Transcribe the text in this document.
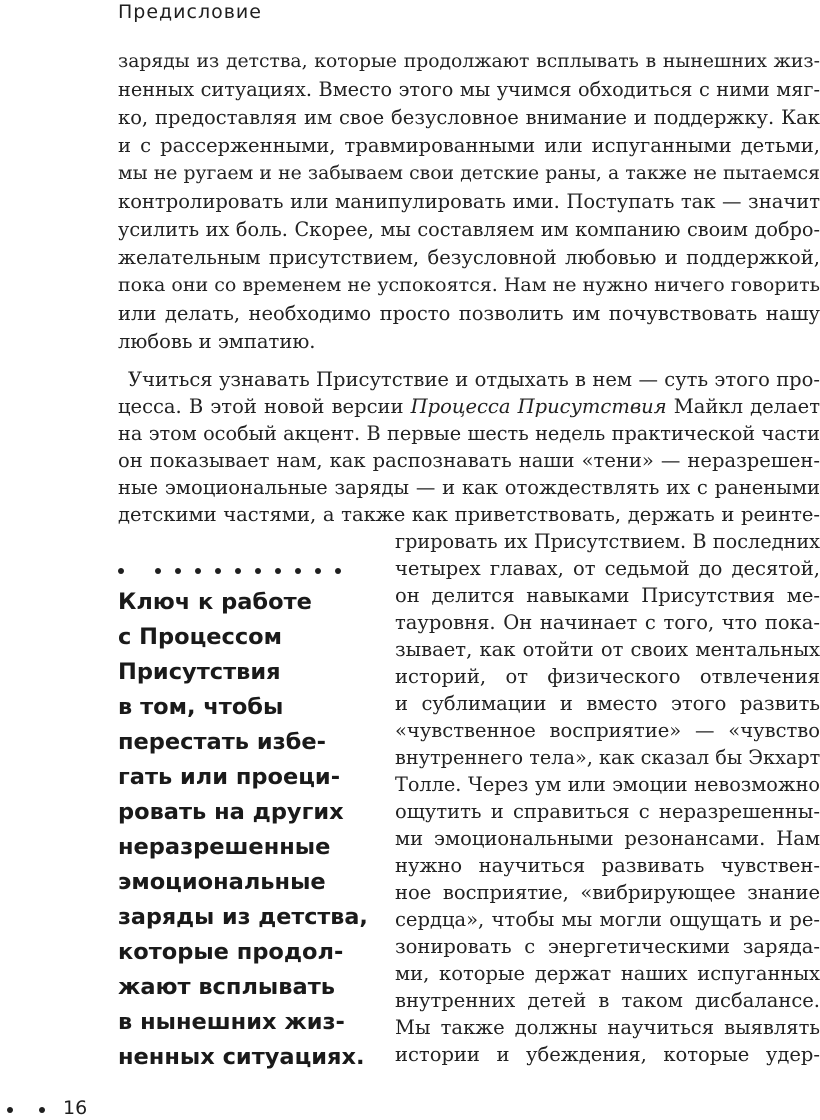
Предисловие
заряды из детства, которые продолжают всплывать в нынешних жиз-
ненных ситуациях. Вместо этого мы учимся обходиться с ними мяг-
ко, предоставляя им свое безусловное внимание и поддержку. Как
и с рассерженными, травмированными или испуганными детьми,
мы не ругаем и не забываем свои детские раны, а также не пытаемся
контролировать или манипулировать ими. Поступать так — значит
усилить их боль. Скорее, мы составляем им компанию своим добро-
желательным присутствием, безусловной любовью и поддержкой,
пока они со временем не успокоятся. Нам не нужно ничего говорить
или делать, необходимо просто позволить им почувствовать нашу
любовь и эмпатию.
Учиться узнавать Присутствие и отдыхать в нем — суть этого про-
цесса. В этой новой версии Процесса Присутствия Майкл делает
на этом особый акцент. В первые шесть недель практической части
он показывает нам, как распознавать наши «тени» — неразрешен-
ные эмоциональные заряды — и как отождествлять их с ранеными
детскими частями, а также как приветствовать, держать и реинте-
грировать их Присутствием. В последних
четырех главах, от седьмой до десятой,
он делится навыками Присутствия ме-
тауровня. Он начинает с того, что пока-
зывает, как отойти от своих ментальных
историй, от физического отвлечения
и сублимации и вместо этого развить
«чувственное восприятие» — «чувство
внутреннего тела», как сказал бы Экхарт
Толле. Через ум или эмоции невозможно
ощутить и справиться с неразрешенны-
ми эмоциональными резонансами. Нам
нужно научиться развивать чувствен-
ное восприятие, «вибрирующее знание
сердца», чтобы мы могли ощущать и ре-
зонировать с энергетическими заряда-
ми, которые держат наших испуганных
внутренних детей в таком дисбалансе.
Мы также должны научиться выявлять
истории и убеждения, которые удер-
Ключ к работе
с Процессом
Присутствия
в том, чтобы
перестать избе-
гать или проеци-
ровать на других
неразрешенные
эмоциональные
заряды из детства,
которые продол-
жают всплывать
в нынешних жиз-
ненных ситуациях.
16
